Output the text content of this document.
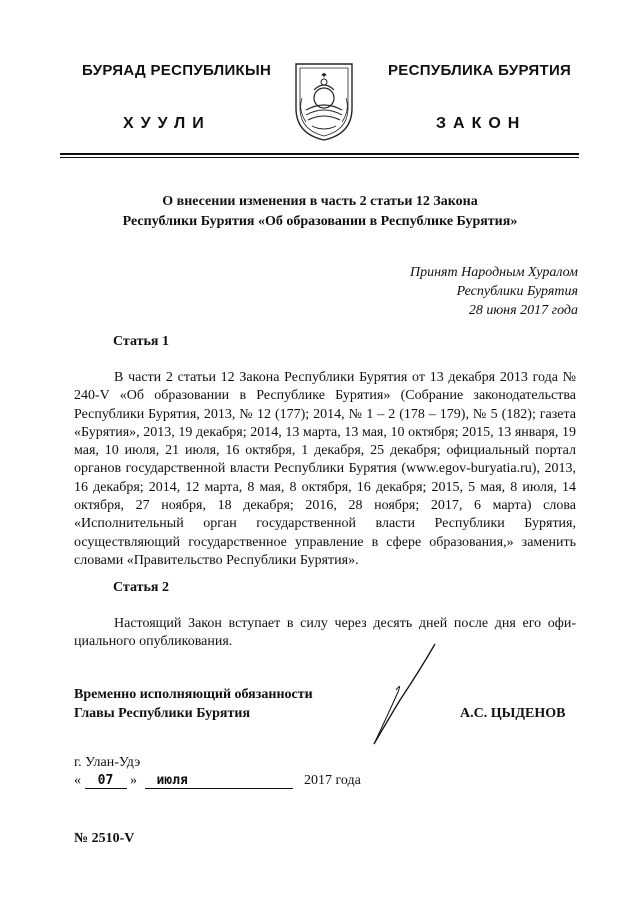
БУРЯАД РЕСПУБЛИКЫН
ХУУЛИ
РЕСПУБЛИКА БУРЯТИЯ
ЗАКОН
О внесении изменения в часть 2 статьи 12 Закона
Республики Бурятия «Об образовании в Республике Бурятия»
Принят Народным Хуралом
Республики Бурятия
28 июня 2017 года
Статья 1
В части 2 статьи 12 Закона Республики Бурятия от 13 декабря 2013 года № 240-V «Об образовании в Республике Бурятия» (Собрание законодательства Республики Бурятия, 2013, № 12 (177); 2014, № 1 – 2 (178 – 179), № 5 (182); газета «Бурятия», 2013, 19 декабря; 2014, 13 марта, 13 мая, 10 октября; 2015, 13 января, 19 мая, 10 июля, 21 июля, 16 октября, 1 декабря, 25 декабря; официальный портал органов государственной власти Республики Бурятия (www.egov-buryatia.ru), 2013, 16 декабря; 2014, 12 марта, 8 мая, 8 октября, 16 декабря; 2015, 5 мая, 8 июля, 14 октября, 27 ноября, 18 декабря; 2016, 28 ноября; 2017, 6 марта) слова «Исполнительный орган государственной власти Республики Бурятия, осуществляющий государственное управление в сфере образования,» заменить словами «Правительство Республики Бурятия».
Статья 2
Настоящий Закон вступает в силу через десять дней после дня его официального опубликования.
Временно исполняющий обязанности
Главы Республики Бурятия	А.С. ЦЫДЕНОВ
г. Улан-Удэ
« 07 » июля	2017 года
№ 2510-V
